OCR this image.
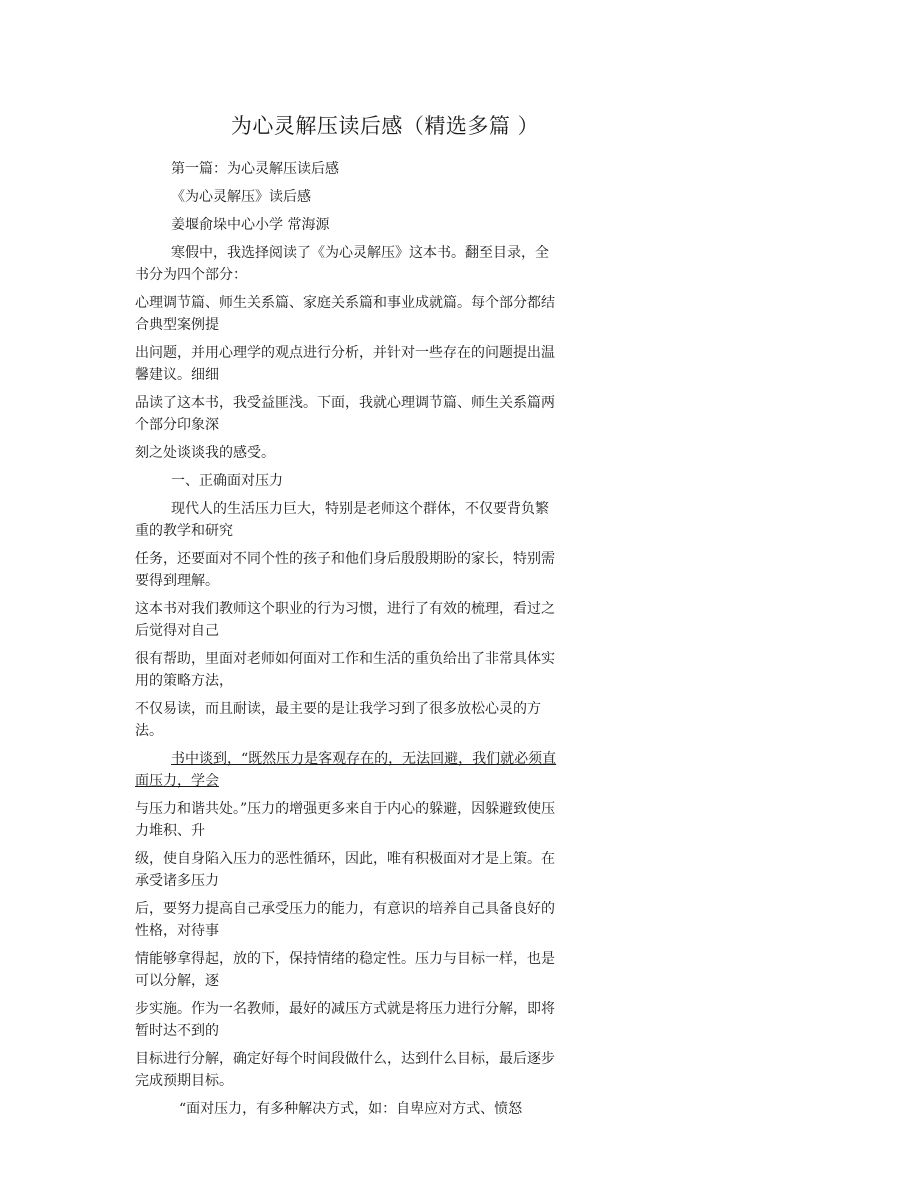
为心灵解压读后感（精选多篇 ）

第一篇：为心灵解压读后感

《为心灵解压》读后感

姜堰俞垛中心小学 常海源

寒假中，我选择阅读了《为心灵解压》这本书。翻至目录，全书分为四个部分：

心理调节篇、师生关系篇、家庭关系篇和事业成就篇。每个部分都结合典型案例提

出问题，并用心理学的观点进行分析，并针对一些存在的问题提出温馨建议。细细

品读了这本书，我受益匪浅。下面，我就心理调节篇、师生关系篇两个部分印象深

刻之处谈谈我的感受。

一、正确面对压力

现代人的生活压力巨大，特别是老师这个群体，不仅要背负繁重的教学和研究

任务，还要面对不同个性的孩子和他们身后殷殷期盼的家长，特别需要得到理解。

这本书对我们教师这个职业的行为习惯，进行了有效的梳理，看过之后觉得对自己

很有帮助，里面对老师如何面对工作和生活的重负给出了非常具体实用的策略方法，

不仅易读，而且耐读，最主要的是让我学习到了很多放松心灵的方法。

书中谈到，“既然压力是客观存在的，无法回避，我们就必须直面压力，学会

与压力和谐共处。”压力的增强更多来自于内心的躲避，因躲避致使压力堆积、升

级，使自身陷入压力的恶性循环，因此，唯有积极面对才是上策。在承受诸多压力

后，要努力提高自己承受压力的能力，有意识的培养自己具备良好的性格，对待事

情能够拿得起，放的下，保持情绪的稳定性。压力与目标一样，也是可以分解，逐

步实施。作为一名教师，最好的减压方式就是将压力进行分解，即将暂时达不到的

目标进行分解，确定好每个时间段做什么，达到什么目标，最后逐步完成预期目标。

“面对压力，有多种解决方式，如：自卑应对方式、愤怒
